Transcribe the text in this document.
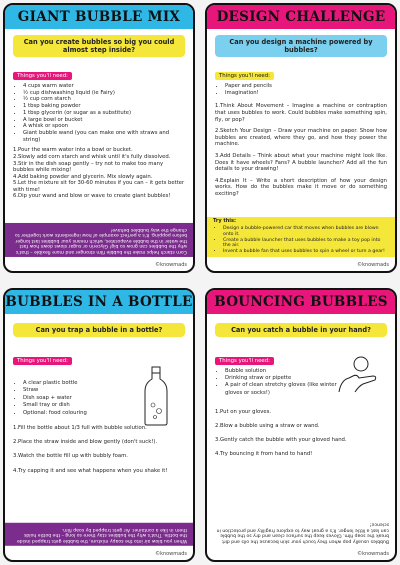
GIANT BUBBLE MIX
Can you create bubbles so big you could almost step inside?
Things you'll need:
• 4 cups warm water
• ½ cup dishwashing liquid (ie Fairy)
• ½ cup corn starch
• 1 tbsp baking powder
• 1 tbsp glycerin (or sugar as a substitute)
• A large bowl or bucket
• A whisk or spoon
• Giant bubble wand (you can make one with straws and string)

1.Pour the warm water into a bowl or bucket.

2.Slowly add corn starch and whisk until it's fully dissolved.

3.Stir in the dish soap gently – try not to make too many bubbles while mixing!

4.Add baking powder and glycerin. Mix slowly again.

5.Let the mixture sit for 30-60 minutes if you can – it gets better with time!

6.Dip your wand and blow or wave to create giant bubbles!

Corn starch helps make the bubble film stronger and more flexible – that's why the bubbles can grow so big! Glycerin or sugar slows down how fast the water in the bubble evaporates, which means your bubbles last longer before popping. It's a perfect example of how ingredients work together to change the way bubbles behave!
©knowmads
DESIGN CHALLENGE
Can you design a machine powered by bubbles?
Things you'll need:
• Paper and pencils
• Imagination!

1.Think About Movement – Imagine a machine or contraption that uses bubbles to work. Could bubbles make something spin, fly, or pop?

2.Sketch Your Design – Draw your machine on paper. Show how bubbles are created, where they go, and how they power the machine.

3.Add Details – Think about what your machine might look like. Does it have wheels? Fans? A bubble launcher? Add all the fun details to your drawing!

4.Explain It – Write a short description of how your design works. How do the bubbles make it move or do something exciting?

Try this:
• Design a bubble-powered car that moves when bubbles are blown onto it.
• Create a bubble launcher that uses bubbles to make a toy pop into the air.
• Invent a bubble fan that uses bubbles to spin a wheel or turn a gear!
©knowmads
BUBBLES IN A BOTTLE
Can you trap a bubble in a bottle?
Things you'll need:
• A clear plastic bottle
• Straw
• Dish soap + water
• Small tray or dish
• Optional: food colouring

1.Fill the bottle about 1/3 full with bubble solution.

2.Place the straw inside and blow gently (don't suck!).

3.Watch the bottle fill up with bubbly foam.

4.Try capping it and see what happens when you shake it!

When you blow air into the soapy mixture, the bubble gets trapped inside the bottle. That's why the bubbles stay there so long – the bottle holds them in like a container. Air gets trapped by soap film.
©knowmads
BOUNCING BUBBLES
Can you catch a bubble in your hand?
Things you'll need:
• Bubble solution
• Drinking straw or pipette
• A pair of clean stretchy gloves (like winter gloves or socks!)

1.Put on your gloves.

2.Blow a bubble using a straw or wand.

3.Gently catch the bubble with your gloved hand.

4.Try bouncing it from hand to hand!

Bubbles usually pop when they touch your skin because the oils and dirt break the soap film. Gloves keep the surface clean and dry so the bubble can last a little longer. It's a great way to explore fragility and protection in science!
©knowmads
